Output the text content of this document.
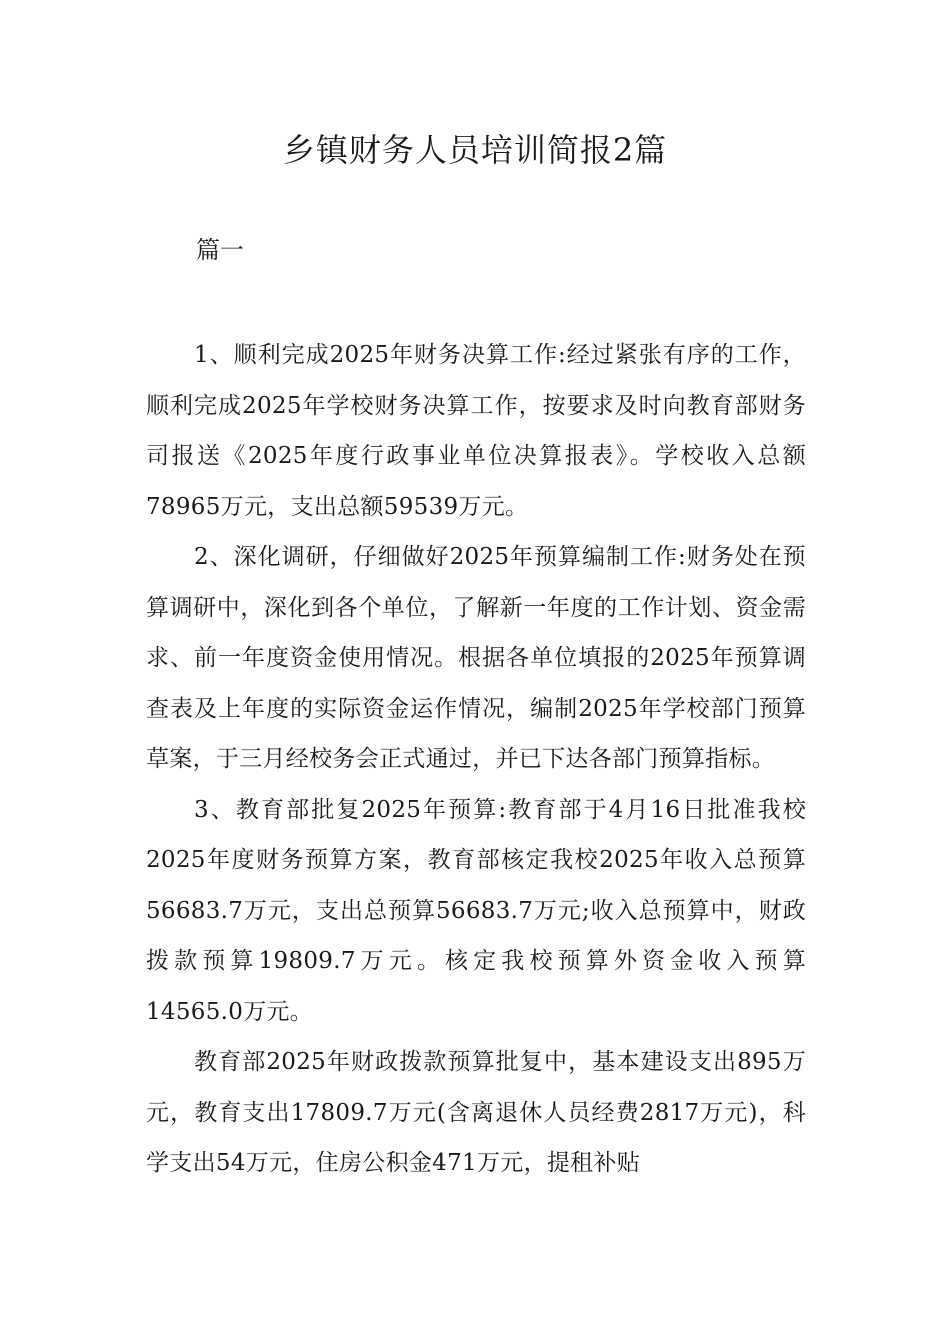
乡镇财务人员培训简报2篇
篇一

1、顺利完成2025年财务决算工作:经过紧张有序的工作，顺利完成2025年学校财务决算工作，按要求及时向教育部财务司报送《2025年度行政事业单位决算报表》。学校收入总额78965万元，支出总额59539万元。

2、深化调研，仔细做好2025年预算编制工作:财务处在预算调研中，深化到各个单位，了解新一年度的工作计划、资金需求、前一年度资金使用情况。根据各单位填报的2025年预算调查表及上年度的实际资金运作情况，编制2025年学校部门预算草案，于三月经校务会正式通过，并已下达各部门预算指标。

3、教育部批复2025年预算:教育部于4月16日批准我校2025年度财务预算方案，教育部核定我校2025年收入总预算56683.7万元，支出总预算56683.7万元;收入总预算中，财政拨款预算19809.7万元。核定我校预算外资金收入预算14565.0万元。

教育部2025年财政拨款预算批复中，基本建设支出895万元，教育支出17809.7万元(含离退休人员经费2817万元)，科学支出54万元，住房公积金471万元，提租补贴
